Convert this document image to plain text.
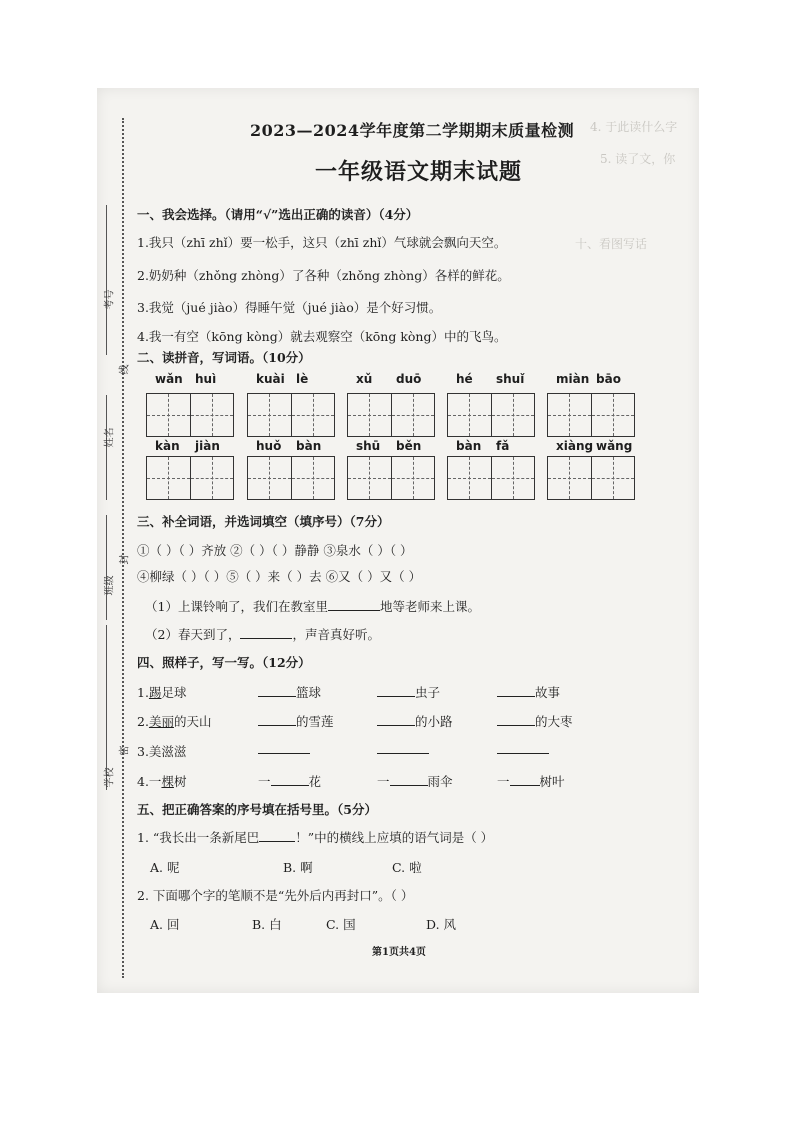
4. 于此读什么字
5. 读了文，你
十、看图写话
考号
姓名
班级
学校
线
封
密
2023—2024学年度第二学期期末质量检测
一年级语文期末试题
一、我会选择。（请用“√”选出正确的读音）（4分）
1.我只（zhī zhǐ）要一松手，这只（zhī zhǐ）气球就会飘向天空。
2.奶奶种（zhǒng zhòng）了各种（zhǒng zhòng）各样的鲜花。
3.我觉（jué jiào）得睡午觉（jué jiào）是个好习惯。
4.我一有空（kōng kòng）就去观察空（kōng kòng）中的飞鸟。
二、读拼音，写词语。（10分）
wǎn huì	kuài lè	xǔ duō	hé shuǐ	miàn bāo
kàn jiàn	huǒ bàn	shū běn	bàn fǎ	xiàng wǎng
三、补全词语，并选词填空（填序号）（7分）
①（ ）（ ）齐放 ②（ ）（ ）静静 ③泉水（ ）（ ）
④柳绿（ ）（ ）⑤（ ）来（ ）去 ⑥又（ ）又（ ）
（1）上课铃响了，我们在教室里	地等老师来上课。
（2）春天到了，	，声音真好听。
四、照样子，写一写。（12分）
1.踢足球	篮球	虫子	故事
2.美丽的天山	的雪莲	的小路	的大枣
3.美滋滋
4.一棵树	一	花	一	雨伞	一 树叶
五、把正确答案的序号填在括号里。（5分）
1. “我长出一条新尾巴	！”中的横线上应填的语气词是（ ）
A. 呢	B. 啊	C. 啦
2. 下面哪个字的笔顺不是“先外后内再封口”。（ ）
A. 回	B. 白	C. 国	D. 风
第1页共4页
